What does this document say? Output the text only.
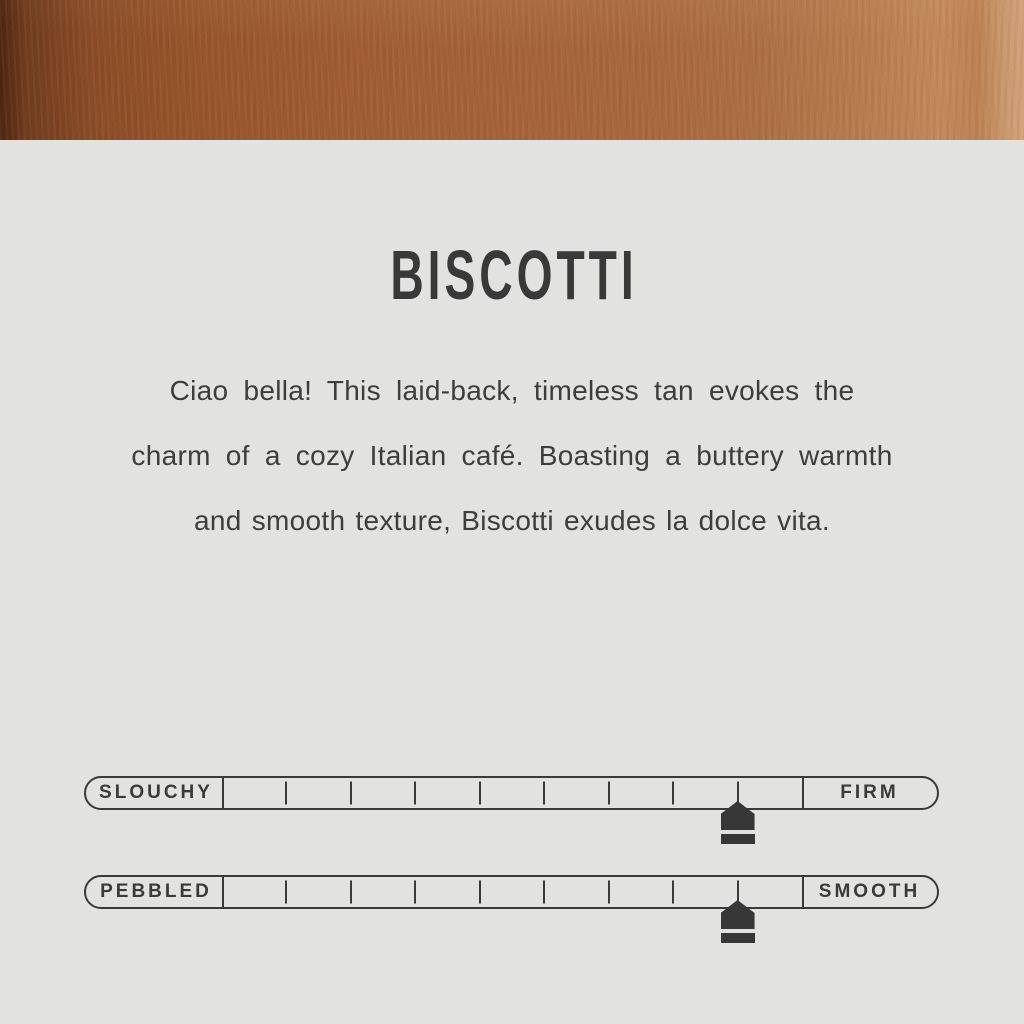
BISCOTTI
Ciao bella! This laid-back, timeless tan evokes the
charm of a cozy Italian café. Boasting a buttery warmth
and smooth texture, Biscotti exudes la dolce vita.
SLOUCHY	FIRM
PEBBLED	SMOOTH
